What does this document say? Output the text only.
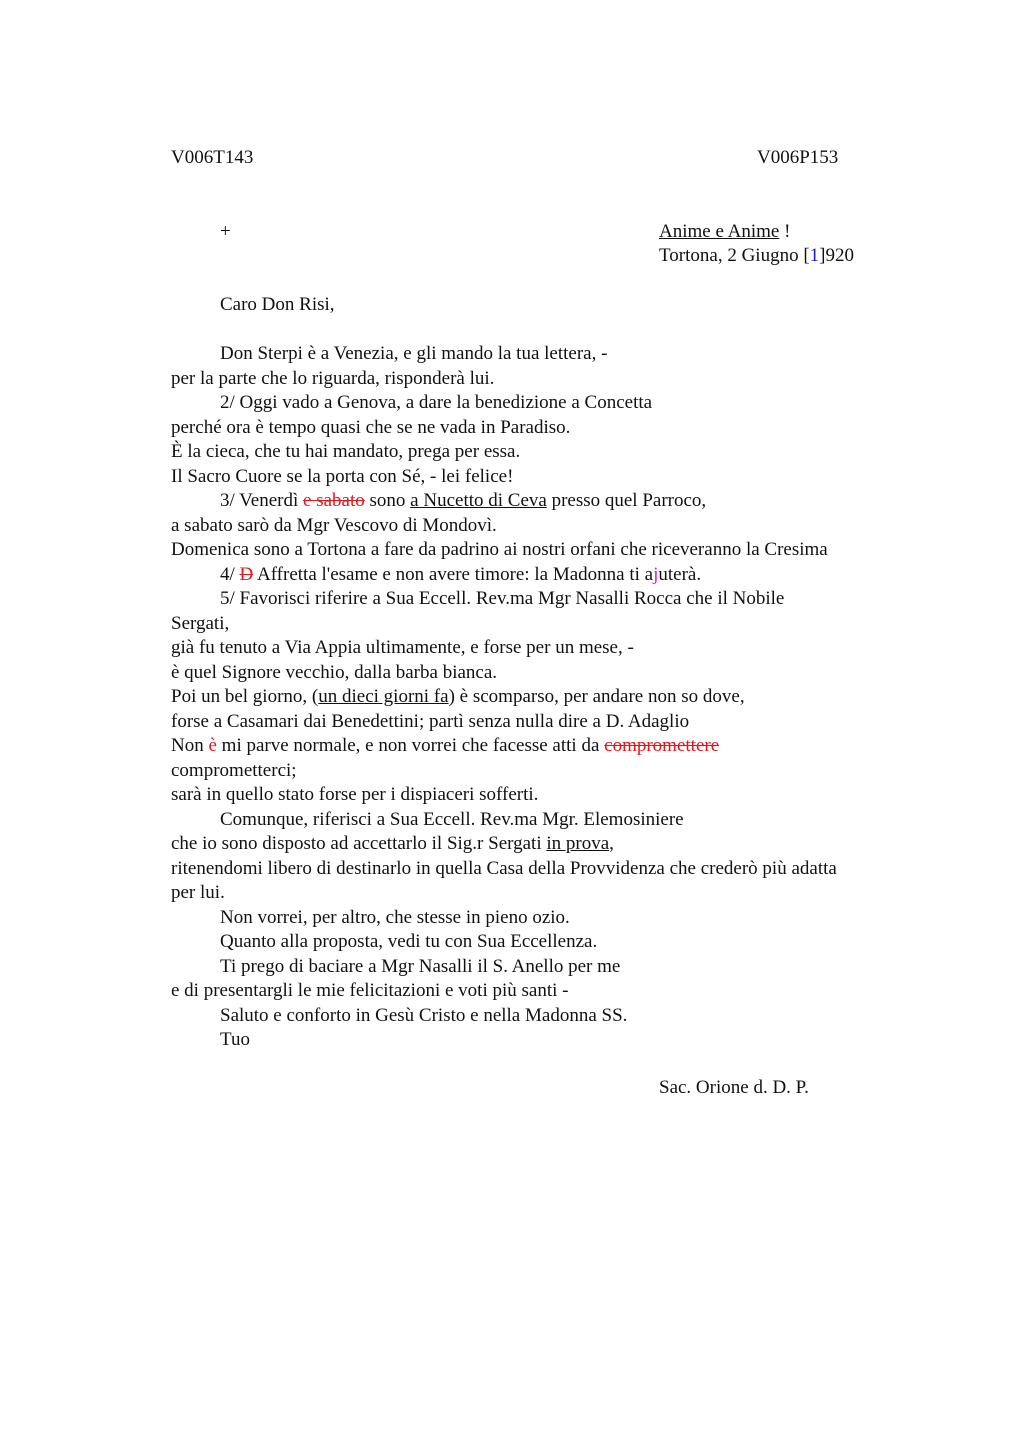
V006T143	V006P153
+	Anime e Anime !
Tortona, 2 Giugno [1]920
Caro Don Risi,
Don Sterpi è a Venezia, e gli mando la tua lettera, -
per la parte che lo riguarda, risponderà lui.
2/ Oggi vado a Genova, a dare la benedizione a Concetta
perché ora è tempo quasi che se ne vada in Paradiso.
È la cieca, che tu hai mandato, prega per essa.
Il Sacro Cuore se la porta con Sé, - lei felice!
3/ Venerdì e sabato sono a Nucetto di Ceva presso quel Parroco,
a sabato sarò da Mgr Vescovo di Mondovì.
Domenica sono a Tortona a fare da padrino ai nostri orfani che riceveranno la Cresima
4/ D Affretta l'esame e non avere timore: la Madonna ti ajuterà.
5/ Favorisci riferire a Sua Eccell. Rev.ma Mgr Nasalli Rocca che il Nobile
Sergati,
già fu tenuto a Via Appia ultimamente, e forse per un mese, -
è quel Signore vecchio, dalla barba bianca.
Poi un bel giorno, (un dieci giorni fa) è scomparso, per andare non so dove,
forse a Casamari dai Benedettini; partì senza nulla dire a D. Adaglio
Non è mi parve normale, e non vorrei che facesse atti da compromettere
comprometterci;
sarà in quello stato forse per i dispiaceri sofferti.
Comunque, riferisci a Sua Eccell. Rev.ma Mgr. Elemosiniere
che io sono disposto ad accettarlo il Sig.r Sergati in prova,
ritenendomi libero di destinarlo in quella Casa della Provvidenza che crederò più adatta
per lui.
Non vorrei, per altro, che stesse in pieno ozio.
Quanto alla proposta, vedi tu con Sua Eccellenza.
Ti prego di baciare a Mgr Nasalli il S. Anello per me
e di presentargli le mie felicitazioni e voti più santi -
Saluto e conforto in Gesù Cristo e nella Madonna SS.
Tuo
Sac. Orione d. D. P.
